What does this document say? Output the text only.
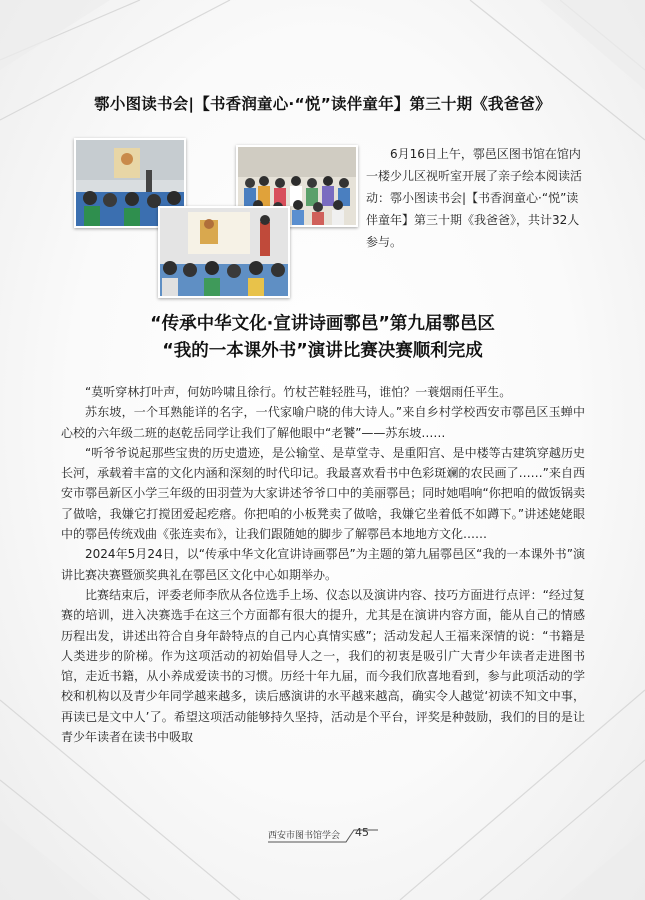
鄠小图读书会|【书香润童心·“悦”读伴童年】第三十期《我爸爸》

6月16日上午，鄠邑区图书馆在馆内一楼少儿区视听室开展了亲子绘本阅读活动：鄠小图读书会|【书香润童心·“悦”读伴童年】第三十期《我爸爸》，共计32人参与。

“传承中华文化·宣讲诗画鄠邑”第九届鄠邑区
“我的一本课外书”演讲比赛决赛顺利完成

“莫听穿林打叶声，何妨吟啸且徐行。竹杖芒鞋轻胜马，谁怕？一蓑烟雨任平生。

苏东坡，一个耳熟能详的名字，一代家喻户晓的伟大诗人。”来自乡村学校西安市鄠邑区玉蝉中心校的六年级二班的赵乾岳同学让我们了解他眼中“老饕”——苏东坡……

“听爷爷说起那些宝贵的历史遗迹，是公输堂、是草堂寺、是重阳宫、是中楼等古建筑穿越历史长河，承载着丰富的文化内涵和深刻的时代印记。我最喜欢看书中色彩斑斓的农民画了……”来自西安市鄠邑新区小学三年级的田羽萱为大家讲述爷爷口中的美丽鄠邑；同时她唱响“你把咱的做饭锅卖了做啥，我嫌它打搅团爱起疙瘩。你把咱的小板凳卖了做啥，我嫌它坐着低不如蹲下。”讲述姥姥眼中的鄠邑传统戏曲《张连卖布》，让我们跟随她的脚步了解鄠邑本地地方文化……

2024年5月24日，以“传承中华文化宣讲诗画鄠邑”为主题的第九届鄠邑区“我的一本课外书”演讲比赛决赛暨颁奖典礼在鄠邑区文化中心如期举办。

比赛结束后，评委老师李欣从各位选手上场、仪态以及演讲内容、技巧方面进行点评：“经过复赛的培训，进入决赛选手在这三个方面都有很大的提升，尤其是在演讲内容方面，能从自己的情感历程出发，讲述出符合自身年龄特点的自己内心真情实感”；活动发起人王福来深情的说：“书籍是人类进步的阶梯。作为这项活动的初始倡导人之一，我们的初衷是吸引广大青少年读者走进图书馆，走近书籍，从小养成爱读书的习惯。历经十年九届，而今我们欣喜地看到，参与此项活动的学校和机构以及青少年同学越来越多，读后感演讲的水平越来越高，确实令人越觉‘初读不知文中事，再读已是文中人’了。希望这项活动能够持久坚持，活动是个平台，评奖是种鼓励，我们的目的是让青少年读者在读书中吸取

西安市图书馆学会 45
